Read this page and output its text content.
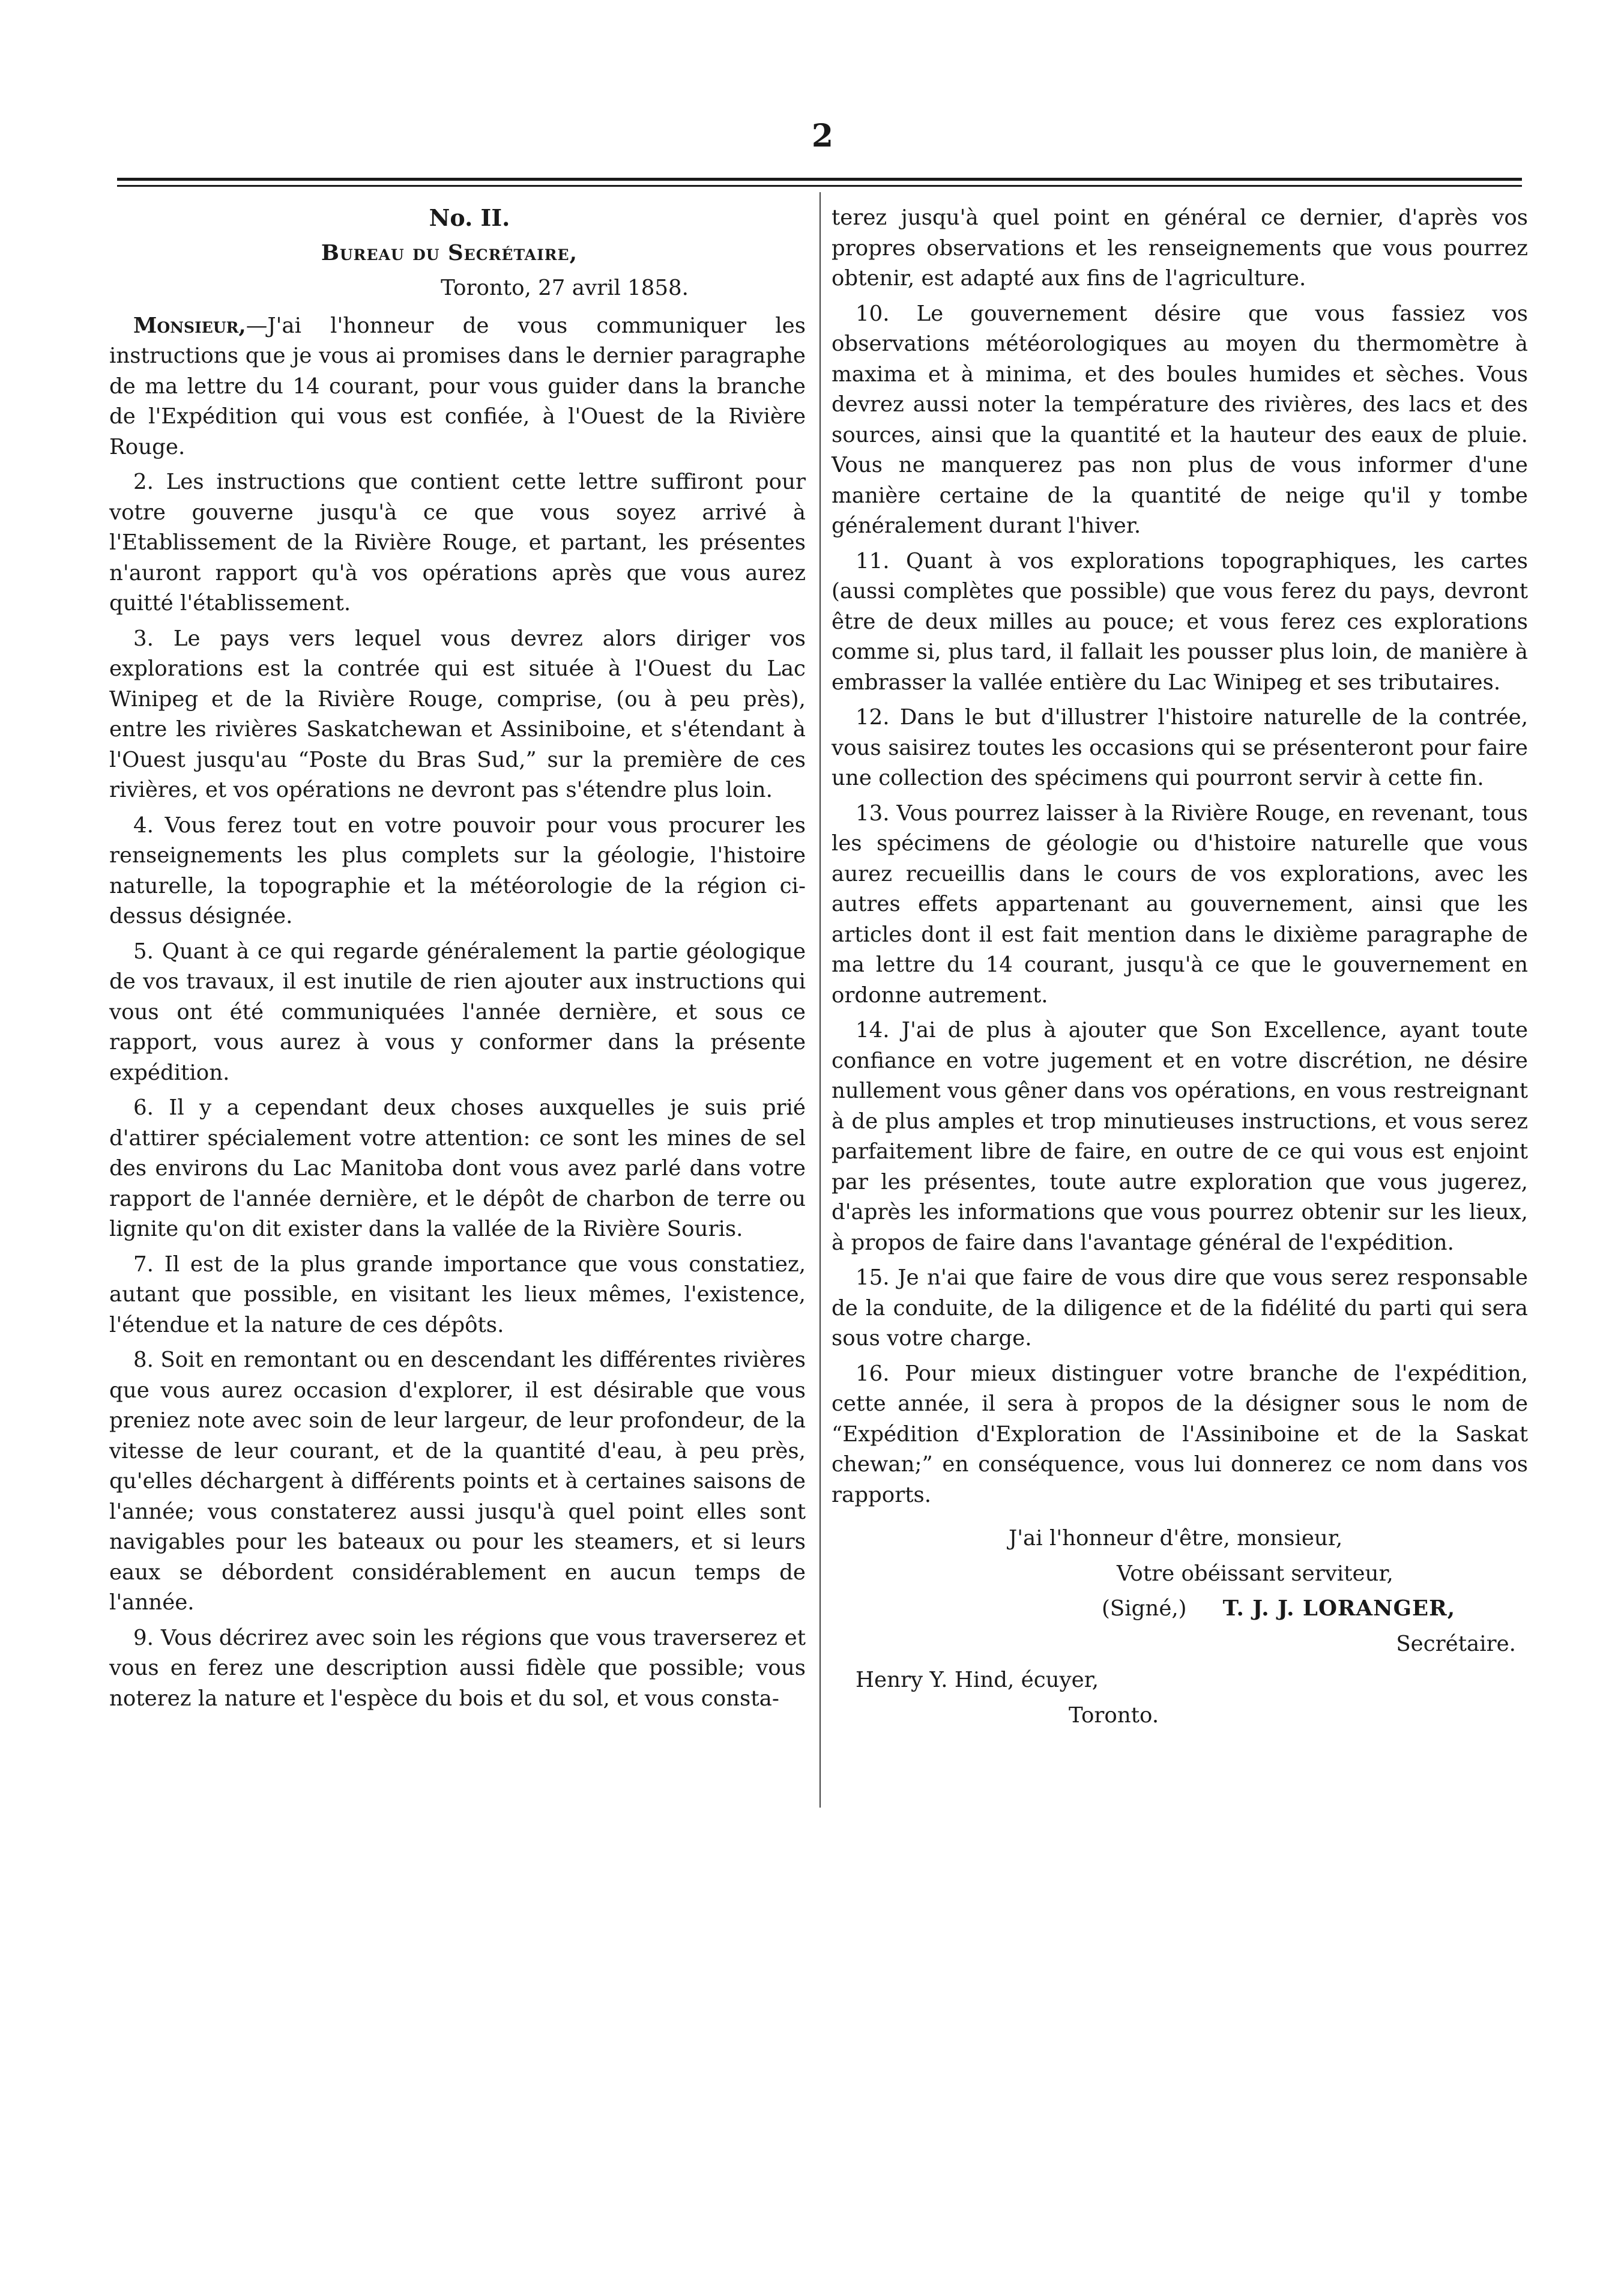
2

No. II.

Bureau du Secrétaire,

Toronto, 27 avril 1858.

Monsieur,—J'ai l'honneur de vous communiquer les instructions que je vous ai promises dans le dernier paragraphe de ma lettre du 14 courant, pour vous guider dans la branche de l'Expédition qui vous est confiée, à l'Ouest de la Rivière Rouge.

2. Les instructions que contient cette lettre suffiront pour votre gouverne jusqu'à ce que vous soyez arrivé à l'Etablissement de la Rivière Rouge, et partant, les présentes n'auront rapport qu'à vos opérations après que vous aurez quitté l'établissement.

3. Le pays vers lequel vous devrez alors diriger vos explorations est la contrée qui est située à l'Ouest du Lac Winipeg et de la Rivière Rouge, comprise, (ou à peu près), entre les rivières Saskatchewan et Assiniboine, et s'étendant à l'Ouest jusqu'au “Poste du Bras Sud,” sur la première de ces rivières, et vos opérations ne devront pas s'étendre plus loin.

4. Vous ferez tout en votre pouvoir pour vous procurer les renseignements les plus complets sur la géologie, l'histoire naturelle, la topographie et la météorologie de la région ci-dessus désignée.

5. Quant à ce qui regarde généralement la partie géologique de vos travaux, il est inutile de rien ajouter aux instructions qui vous ont été communiquées l'année dernière, et sous ce rapport, vous aurez à vous y conformer dans la présente expédition.

6. Il y a cependant deux choses auxquelles je suis prié d'attirer spécialement votre attention: ce sont les mines de sel des environs du Lac Manitoba dont vous avez parlé dans votre rapport de l'année dernière, et le dépôt de charbon de terre ou lignite qu'on dit exister dans la vallée de la Rivière Souris.

7. Il est de la plus grande importance que vous constatiez, autant que possible, en visitant les lieux mêmes, l'existence, l'étendue et la nature de ces dépôts.

8. Soit en remontant ou en descendant les différentes rivières que vous aurez occasion d'explorer, il est désirable que vous preniez note avec soin de leur largeur, de leur profondeur, de la vitesse de leur courant, et de la quantité d'eau, à peu près, qu'elles déchargent à différents points et à certaines saisons de l'année; vous constaterez aussi jusqu'à quel point elles sont navigables pour les bateaux ou pour les steamers, et si leurs eaux se débordent considérablement en aucun temps de l'année.

9. Vous décrirez avec soin les régions que vous traverserez et vous en ferez une description aussi fidèle que possible; vous noterez la nature et l'espèce du bois et du sol, et vous consta-

terez jusqu'à quel point en général ce dernier, d'après vos propres observations et les renseignements que vous pourrez obtenir, est adapté aux fins de l'agriculture.

10. Le gouvernement désire que vous fassiez vos observations météorologiques au moyen du thermomètre à maxima et à minima, et des boules humides et sèches. Vous devrez aussi noter la température des rivières, des lacs et des sources, ainsi que la quantité et la hauteur des eaux de pluie. Vous ne manquerez pas non plus de vous informer d'une manière certaine de la quantité de neige qu'il y tombe généralement durant l'hiver.

11. Quant à vos explorations topographiques, les cartes (aussi complètes que possible) que vous ferez du pays, devront être de deux milles au pouce; et vous ferez ces explorations comme si, plus tard, il fallait les pousser plus loin, de manière à embrasser la vallée entière du Lac Winipeg et ses tributaires.

12. Dans le but d'illustrer l'histoire naturelle de la contrée, vous saisirez toutes les occasions qui se présenteront pour faire une collection des spécimens qui pourront servir à cette fin.

13. Vous pourrez laisser à la Rivière Rouge, en revenant, tous les spécimens de géologie ou d'histoire naturelle que vous aurez recueillis dans le cours de vos explorations, avec les autres effets appartenant au gouvernement, ainsi que les articles dont il est fait mention dans le dixième paragraphe de ma lettre du 14 courant, jusqu'à ce que le gouvernement en ordonne autrement.

14. J'ai de plus à ajouter que Son Excellence, ayant toute confiance en votre jugement et en votre discrétion, ne désire nullement vous gêner dans vos opérations, en vous restreignant à de plus amples et trop minutieuses instructions, et vous serez parfaitement libre de faire, en outre de ce qui vous est enjoint par les présentes, toute autre exploration que vous jugerez, d'après les informations que vous pourrez obtenir sur les lieux, à propos de faire dans l'avantage général de l'expédition.

15. Je n'ai que faire de vous dire que vous serez responsable de la conduite, de la diligence et de la fidélité du parti qui sera sous votre charge.

16. Pour mieux distinguer votre branche de l'expédition, cette année, il sera à propos de la désigner sous le nom de “Expédition d'Exploration de l'Assiniboine et de la Saskat chewan;” en conséquence, vous lui donnerez ce nom dans vos rapports.

J'ai l'honneur d'être, monsieur,

Votre obéissant serviteur,

(Signé,) T. J. J. LORANGER,

Secrétaire.

Henry Y. Hind, écuyer,

Toronto.
